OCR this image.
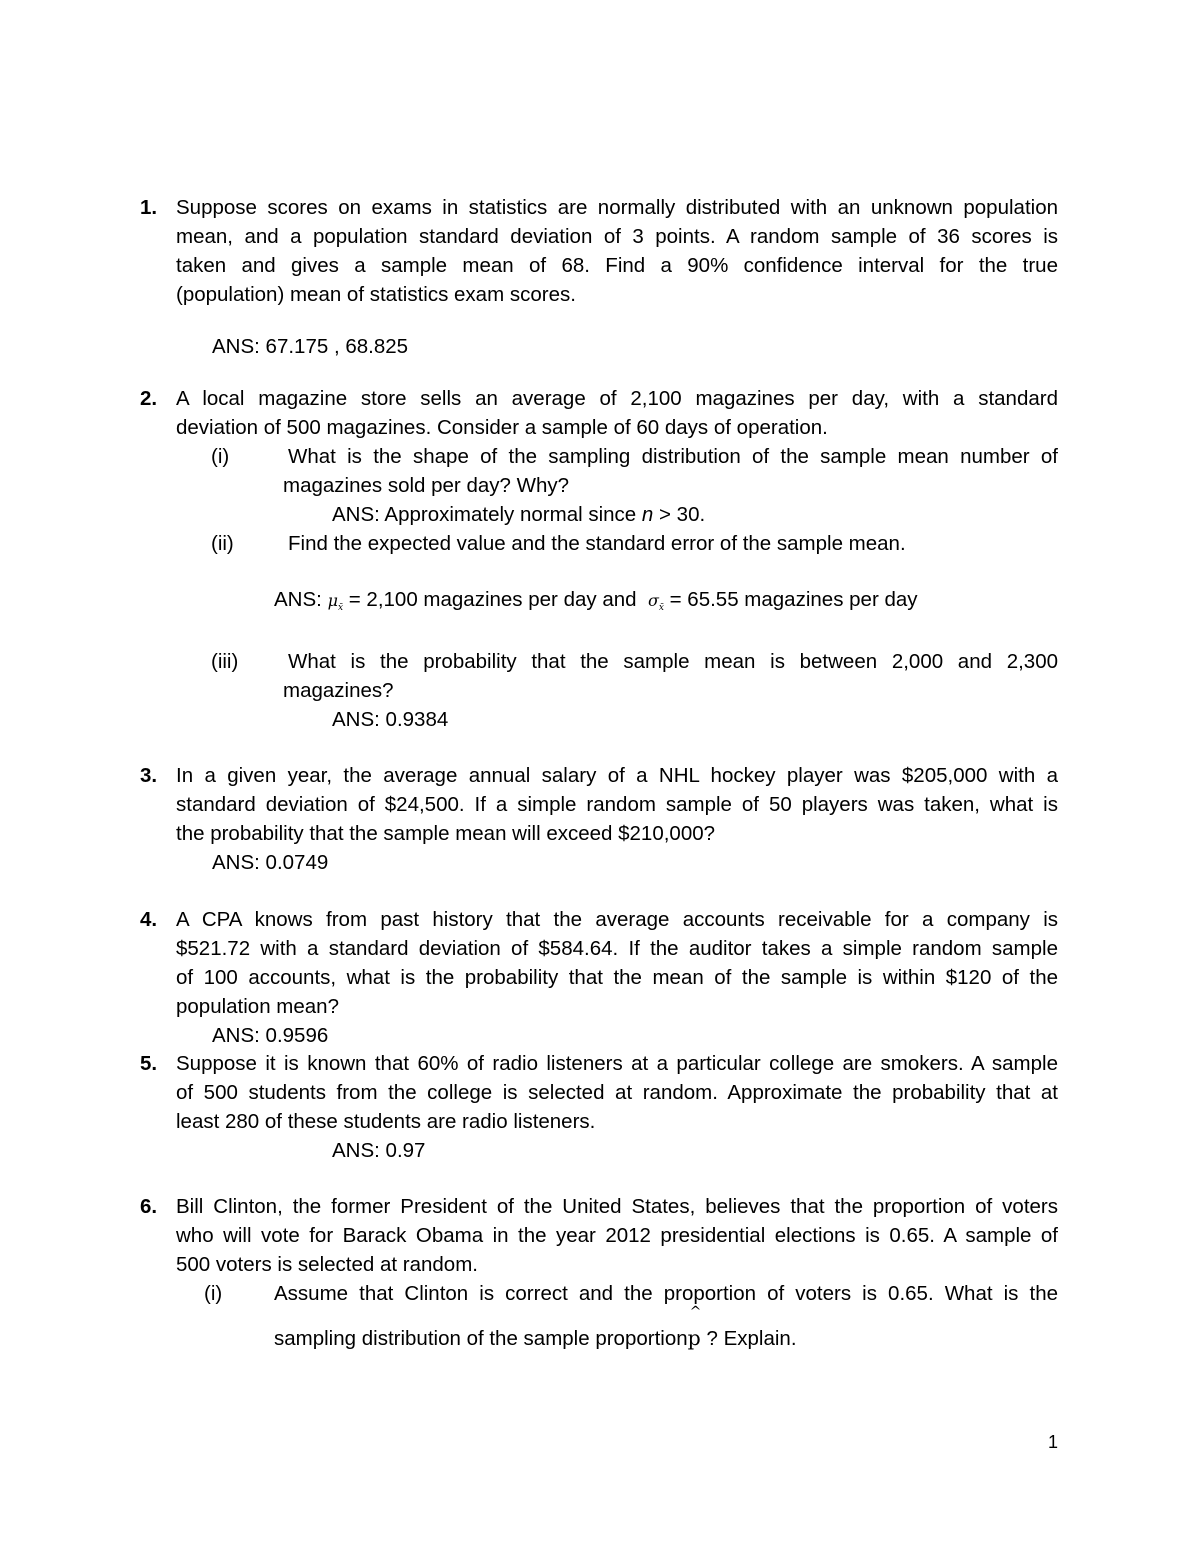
1. Suppose scores on exams in statistics are normally distributed with an unknown population
mean, and a population standard deviation of 3 points. A random sample of 36 scores is
taken and gives a sample mean of 68. Find a 90% confidence interval for the true
(population) mean of statistics exam scores.
ANS: 67.175 , 68.825
2. A local magazine store sells an average of 2,100 magazines per day, with a standard
deviation of 500 magazines. Consider a sample of 60 days of operation.
(i)	What is the shape of the sampling distribution of the sample mean number of
magazines sold per day? Why?
ANS: Approximately normal since n > 30.
(ii)	Find the expected value and the standard error of the sample mean.
ANS: $\mu_{x̄} = 2,100$ magazines per day and $\sigma_{x̄} = 65.55$ magazines per day
(iii) What is the probability that the sample mean is between 2,000 and 2,300
magazines?
ANS: 0.9384
3. In a given year, the average annual salary of a NHL hockey player was $205,000 with a
standard deviation of $24,500. If a simple random sample of 50 players was taken, what is
the probability that the sample mean will exceed $210,000?
ANS: 0.0749
4. A CPA knows from past history that the average accounts receivable for a company is
$521.72 with a standard deviation of $584.64. If the auditor takes a simple random sample
of 100 accounts, what is the probability that the mean of the sample is within $120 of the
population mean?
ANS: 0.9596
5. Suppose it is known that 60% of radio listeners at a particular college are smokers. A sample
of 500 students from the college is selected at random. Approximate the probability that at
least 280 of these students are radio listeners.
ANS: 0.97
6. Bill Clinton, the former President of the United States, believes that the proportion of voters
who will vote for Barack Obama in the year 2012 presidential elections is 0.65. A sample of
500 voters is selected at random.
(i)	Assume that Clinton is correct and the proportion of voters is 0.65. What is the
sampling distribution of the sample proportion
^
p ? Explain.
1
